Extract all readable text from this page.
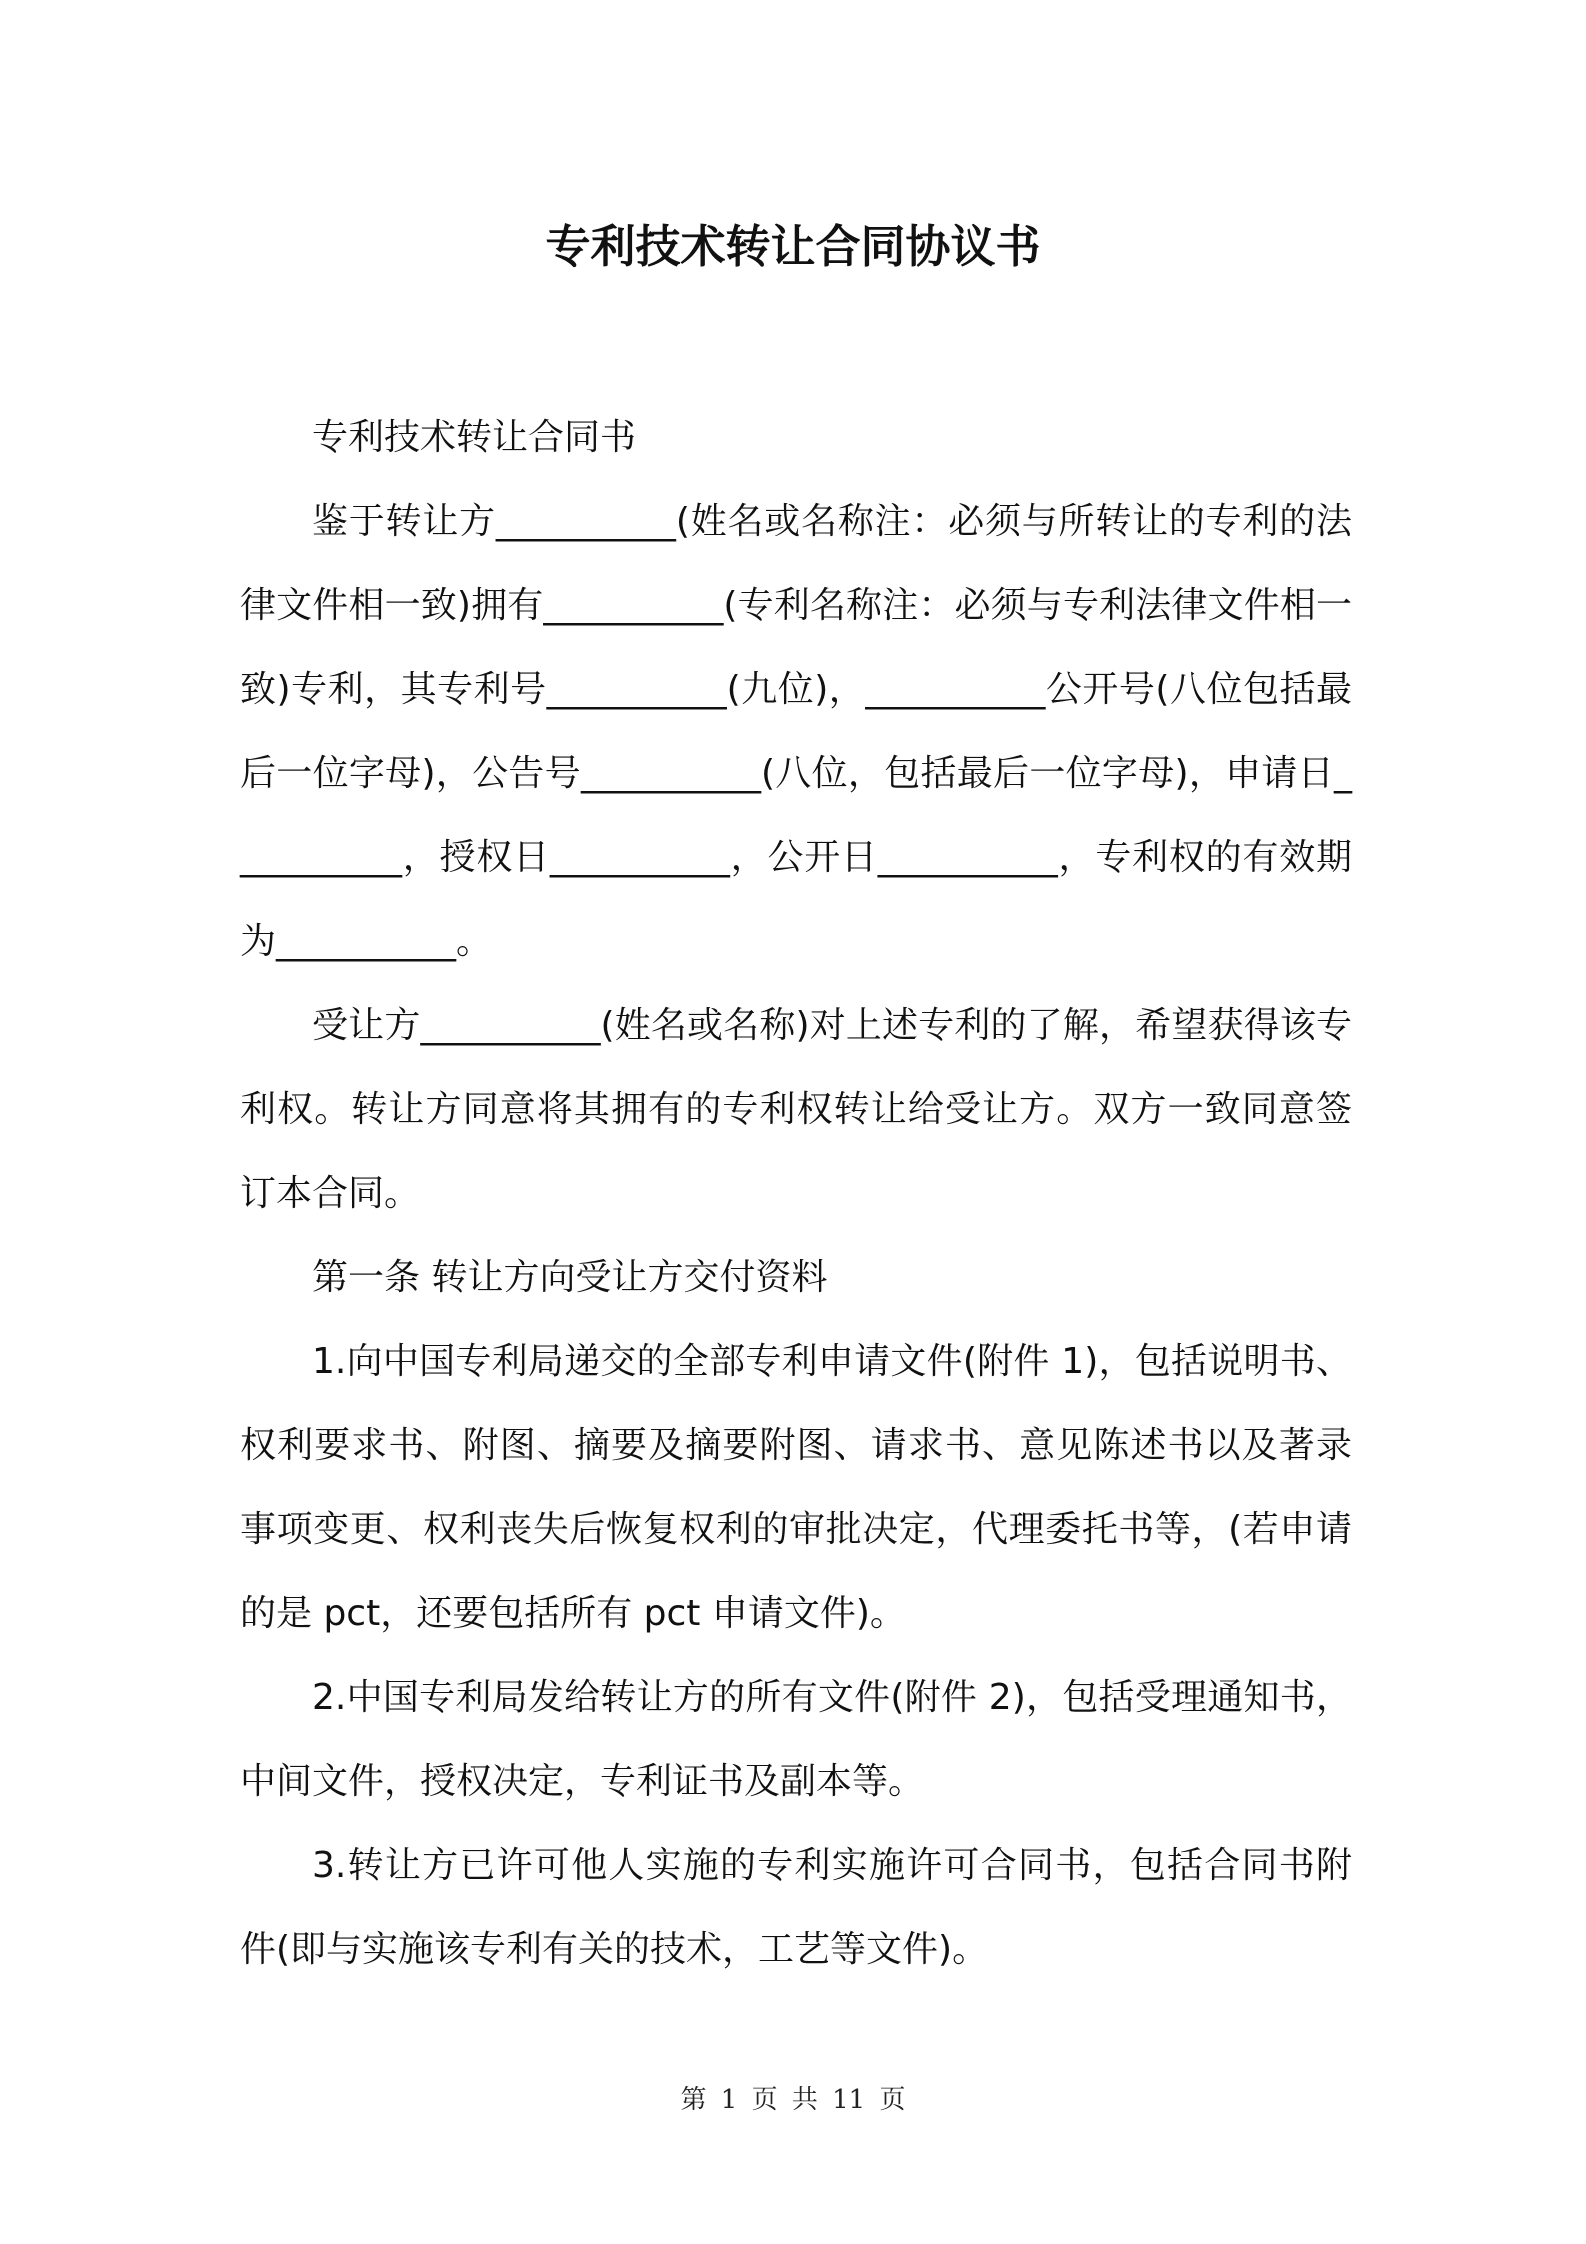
专利技术转让合同协议书

专利技术转让合同书

鉴于转让方__________(姓名或名称注：必须与所转让的专利的法律文件相一致)拥有__________(专利名称注：必须与专利法律文件相一致)专利，其专利号__________(九位)，__________公开号(八位包括最后一位字母)，公告号__________(八位，包括最后一位字母)，申请日__________，授权日__________，公开日__________，专利权的有效期为__________。

受让方__________(姓名或名称)对上述专利的了解，希望获得该专利权。转让方同意将其拥有的专利权转让给受让方。双方一致同意签订本合同。

第一条 转让方向受让方交付资料

1.向中国专利局递交的全部专利申请文件(附件 1)，包括说明书、权利要求书、附图、摘要及摘要附图、请求书、意见陈述书以及著录事项变更、权利丧失后恢复权利的审批决定，代理委托书等，(若申请的是 pct，还要包括所有 pct 申请文件)。

2.中国专利局发给转让方的所有文件(附件 2)，包括受理通知书，中间文件，授权决定，专利证书及副本等。

3.转让方已许可他人实施的专利实施许可合同书，包括合同书附件(即与实施该专利有关的技术，工艺等文件)。

第 1 页 共 11 页
